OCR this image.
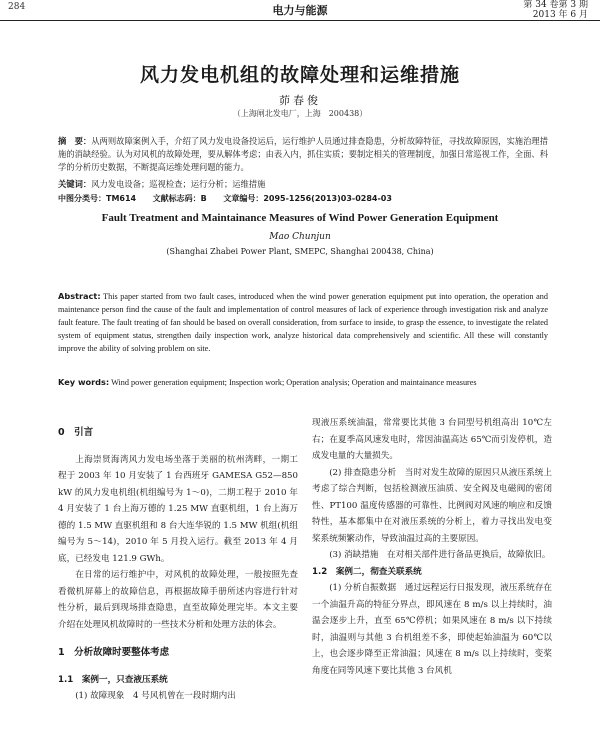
284	电力与能源	第 34 卷第 3 期
2013 年 6 月
风力发电机组的故障处理和运维措施
茆春俊
（上海闸北发电厂，上海　200438）
摘　要：从两则故障案例入手，介绍了风力发电设备投运后，运行维护人员通过排查隐患，分析故障特征，寻找故障原因，实施治理措施的消缺经验。认为对风机的故障处理，要从解体考虑；由表入内，抓住实质；要制定相关的管理制度，加强日常巡视工作，全面、科学的分析历史数据，不断提高运维处理问题的能力。
关键词：风力发电设备；巡视检查；运行分析；运维措施
中图分类号：TM614 文献标志码：B 文章编号：2095-1256(2013)03-0284-03
Fault Treatment and Maintainance Measures of Wind Power Generation Equipment
Mao Chunjun
(Shanghai Zhabei Power Plant, SMEPC, Shanghai 200438, China)
Abstract: This paper started from two fault cases, introduced when the wind power generation equipment put into operation, the operation and maintenance person find the cause of the fault and implementation of control measures of lack of experience through investigation risk and analyze fault feature. The fault treating of fan should be based on overall consideration, from surface to inside, to grasp the essence, to investigate the related system of equipment status, strengthen daily inspection work, analyze historical data comprehensively and scientific. All these will constantly improve the ability of solving problem on site.
Key words: Wind power generation equipment; Inspection work; Operation analysis; Operation and maintainance measures
0　引言

上海崇贤海湾风力发电场坐落于美丽的杭州湾畔，一期工程于 2003 年 10 月安装了 1 台西班牙 GAMESA G52—850 kW 的风力发电机组(机组编号为 1～0)，二期工程于 2010 年 4 月安装了 1 台上海万德的 1.25 MW 直驱机组，1 台上海万德的 1.5 MW 直驱机组和 8 台大连华锐的 1.5 MW 机组(机组编号为 5～14)，2010 年 5 月投入运行。截至 2013 年 4 月底，已经发电 121.9 GWh。

在日常的运行维护中，对风机的故障处理，一般按照先查看微机屏幕上的故障信息，再根据故障手册所述内容进行针对性分析，最后到现场排查隐患，直至故障处理完毕。本文主要介绍在处理风机故障时的一些技术分析和处理方法的体会。

1　分析故障时要整体考虑
1.1　案例一，只查液压系统

(1) 故障现象　4 号风机曾在一段时期内出

现液压系统油温，常常要比其他 3 台同型号机组高出 10℃左右；在夏季高风速发电时，常因油温高达 65℃而引发停机，造成发电量的大量损失。

(2) 排查隐患分析　当时对发生故障的原因只从液压系统上考虑了综合判断，包括检测液压油质、安全阀及电磁阀的密闭性、PT100 温度传感器的可靠性、比例阀对风速的响应和反馈特性，基本都集中在对液压系统的分析上，着力寻找出发电变桨系统频繁动作，导致油温过高的主要原因。

(3) 消缺措施　在对相关部件进行备品更换后，故障依旧。

1.2　案例二，彻查关联系统

(1) 分析自振数据　通过远程运行日报发现，液压系统存在一个油温升高的特征分界点，即风速在 8 m/s 以上持续时，油温会逐步上升，直至 65℃停机；如果风速在 8 m/s 以下持续时，油温则与其他 3 台机组差不多，即使起始油温为 60℃以上，也会逐步降至正常油温；风速在 8 m/s 以上持续时，变桨角度在同等风速下要比其他 3 台风机
